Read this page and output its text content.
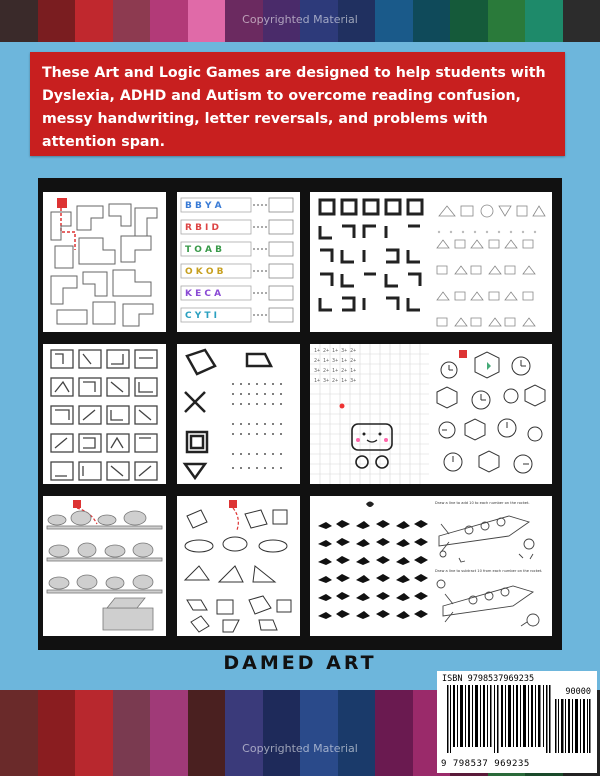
Copyrighted Material

These Art and Logic Games are designed to help students with Dyslexia, ADHD and Autism to overcome reading confusion, messy handwriting, letter reversals, and problems with attention span.

B B Y A
R B I D
T O A B
O K O B
K E C A
C Y T I
1+ 2+ 1+ 3+ 2+
2+ 1+ 3+ 1+ 2+
3+ 2+ 1+ 2+ 1+
1+ 3+ 2+ 1+ 3+
Draw a line to add 10 to each number on the rocket.
Draw a line to subtract 10 from each number on the rocket.
DAMED ART
Copyrighted Material
ISBN 9798537969235
90000
9 798537 969235
